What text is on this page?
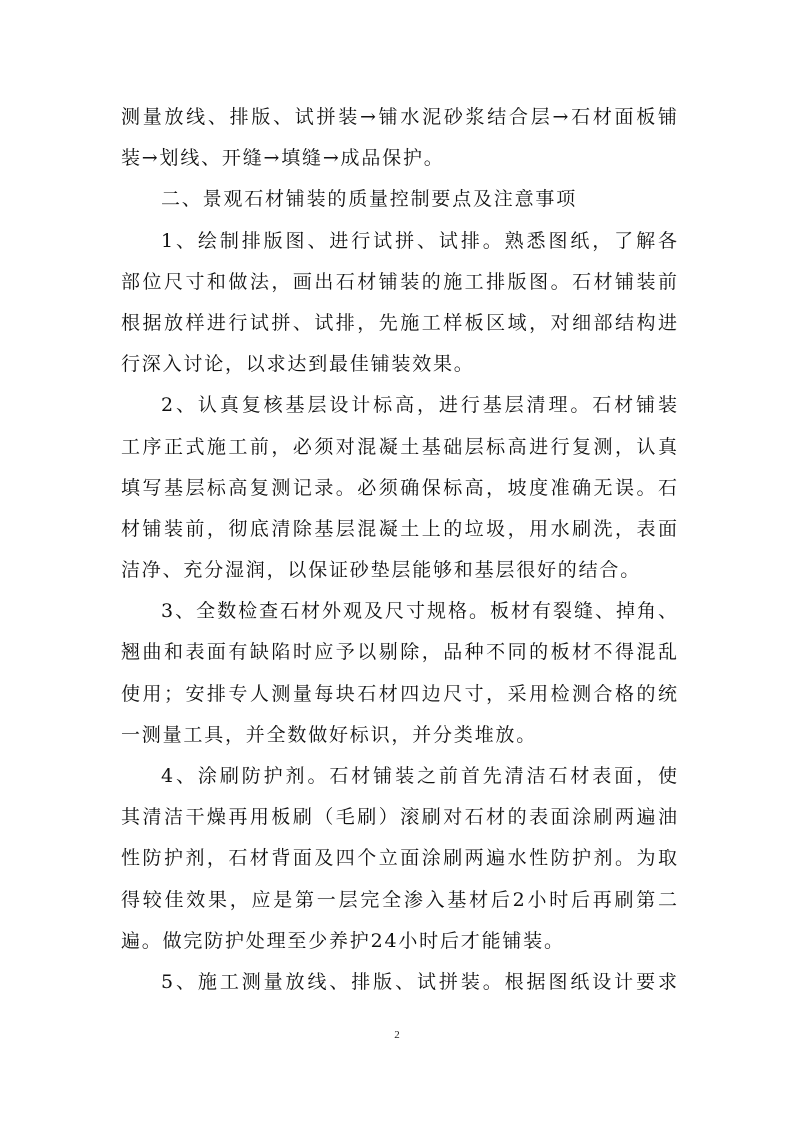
测量放线、排版、试拼装→铺水泥砂浆结合层→石材面板铺
装→划线、开缝→填缝→成品保护。
二、景观石材铺装的质量控制要点及注意事项
1、绘制排版图、进行试拼、试排。熟悉图纸，了解各
部位尺寸和做法，画出石材铺装的施工排版图。石材铺装前
根据放样进行试拼、试排，先施工样板区域，对细部结构进
行深入讨论，以求达到最佳铺装效果。
2、认真复核基层设计标高，进行基层清理。石材铺装
工序正式施工前，必须对混凝土基础层标高进行复测，认真
填写基层标高复测记录。必须确保标高，坡度准确无误。石
材铺装前，彻底清除基层混凝土上的垃圾，用水刷洗，表面
洁净、充分湿润，以保证砂垫层能够和基层很好的结合。
3、全数检查石材外观及尺寸规格。板材有裂缝、掉角、
翘曲和表面有缺陷时应予以剔除，品种不同的板材不得混乱
使用；安排专人测量每块石材四边尺寸，采用检测合格的统
一测量工具，并全数做好标识，并分类堆放。
4、涂刷防护剂。石材铺装之前首先清洁石材表面，使
其清洁干燥再用板刷（毛刷）滚刷对石材的表面涂刷两遍油
性防护剂，石材背面及四个立面涂刷两遍水性防护剂。为取
得较佳效果，应是第一层完全渗入基材后2小时后再刷第二
遍。做完防护处理至少养护24小时后才能铺装。
5、施工测量放线、排版、试拼装。根据图纸设计要求
2
